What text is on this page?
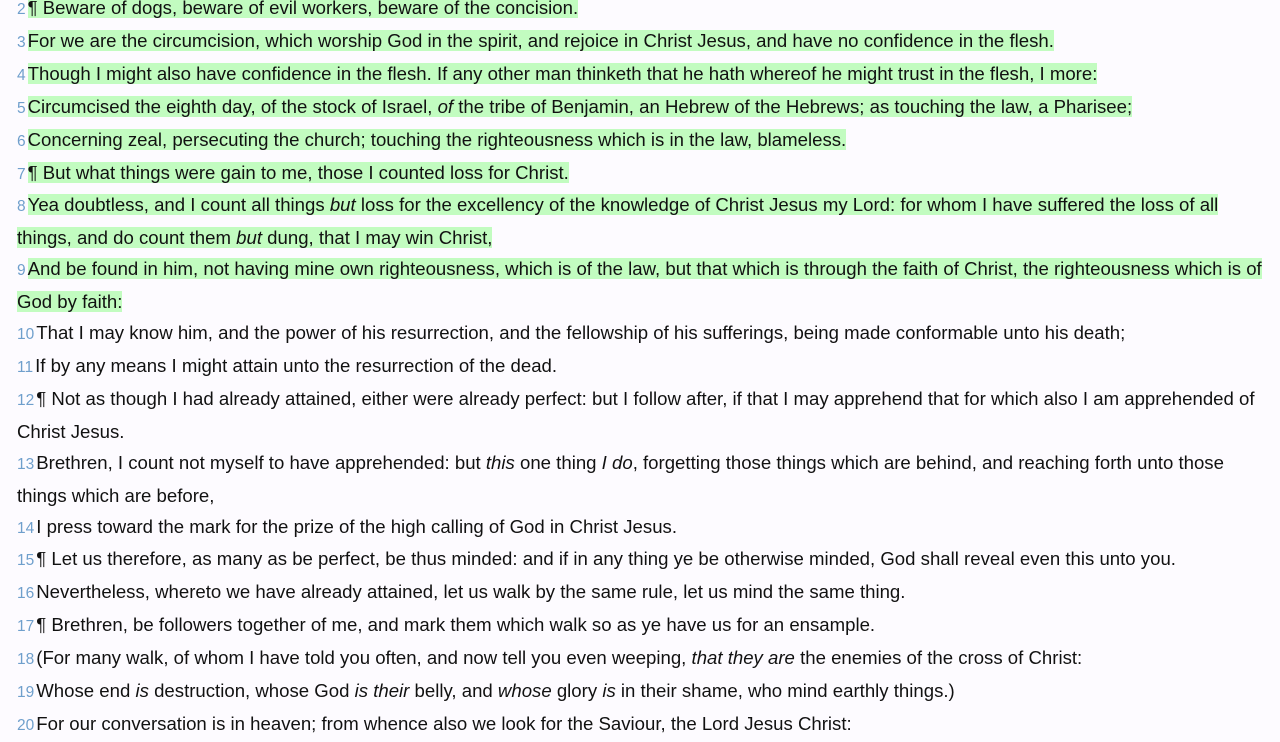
2 ¶ Beware of dogs, beware of evil workers, beware of the concision.

3 For we are the circumcision, which worship God in the spirit, and rejoice in Christ Jesus, and have no confidence in the flesh.

4 Though I might also have confidence in the flesh. If any other man thinketh that he hath whereof he might trust in the flesh, I more:

5 Circumcised the eighth day, of the stock of Israel, of the tribe of Benjamin, an Hebrew of the Hebrews; as touching the law, a Pharisee;

6 Concerning zeal, persecuting the church; touching the righteousness which is in the law, blameless.

7 ¶ But what things were gain to me, those I counted loss for Christ.

8 Yea doubtless, and I count all things but loss for the excellency of the knowledge of Christ Jesus my Lord: for whom I have suffered the loss of all things, and do count them but dung, that I may win Christ,

9 And be found in him, not having mine own righteousness, which is of the law, but that which is through the faith of Christ, the righteousness which is of God by faith:

10 That I may know him, and the power of his resurrection, and the fellowship of his sufferings, being made conformable unto his death;

11 If by any means I might attain unto the resurrection of the dead.

12 ¶ Not as though I had already attained, either were already perfect: but I follow after, if that I may apprehend that for which also I am apprehended of Christ Jesus.

13 Brethren, I count not myself to have apprehended: but this one thing I do, forgetting those things which are behind, and reaching forth unto those things which are before,

14 I press toward the mark for the prize of the high calling of God in Christ Jesus.

15 ¶ Let us therefore, as many as be perfect, be thus minded: and if in any thing ye be otherwise minded, God shall reveal even this unto you.

16 Nevertheless, whereto we have already attained, let us walk by the same rule, let us mind the same thing.

17 ¶ Brethren, be followers together of me, and mark them which walk so as ye have us for an ensample.

18 (For many walk, of whom I have told you often, and now tell you even weeping, that they are the enemies of the cross of Christ:

19 Whose end is destruction, whose God is their belly, and whose glory is in their shame, who mind earthly things.)

20 For our conversation is in heaven; from whence also we look for the Saviour, the Lord Jesus Christ:
